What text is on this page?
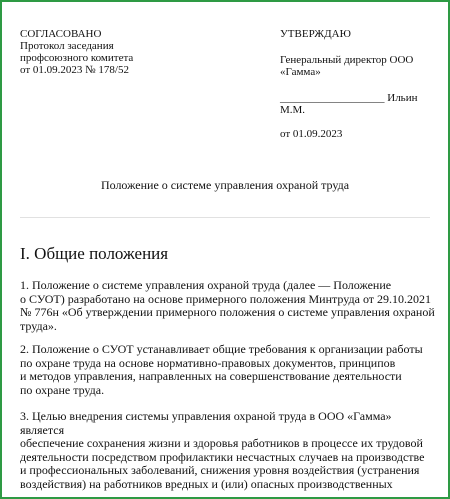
СОГЛАСОВАНО
Протокол заседания
профсоюзного комитета
от 01.09.2023 № 178/52
УТВЕРЖДАЮ
Генеральный директор ООО
«Гамма»
___________________ Ильин
М.М.
от 01.09.2023
Положение о системе управления охраной труда
I. Общие положения
1. Положение о системе управления охраной труда (далее — Положение
о СУОТ) разработано на основе примерного положения Минтруда от 29.10.2021
№ 776н «Об утверждении примерного положения о системе управления охраной
труда».
2. Положение о СУОТ устанавливает общие требования к организации работы
по охране труда на основе нормативно-правовых документов, принципов
и методов управления, направленных на совершенствование деятельности
по охране труда.
3. Целью внедрения системы управления охраной труда в ООО «Гамма»
является
обеспечение сохранения жизни и здоровья работников в процессе их трудовой
деятельности посредством профилактики несчастных случаев на производстве
и профессиональных заболеваний, снижения уровня воздействия (устранения
воздействия) на работников вредных и (или) опасных производственных
